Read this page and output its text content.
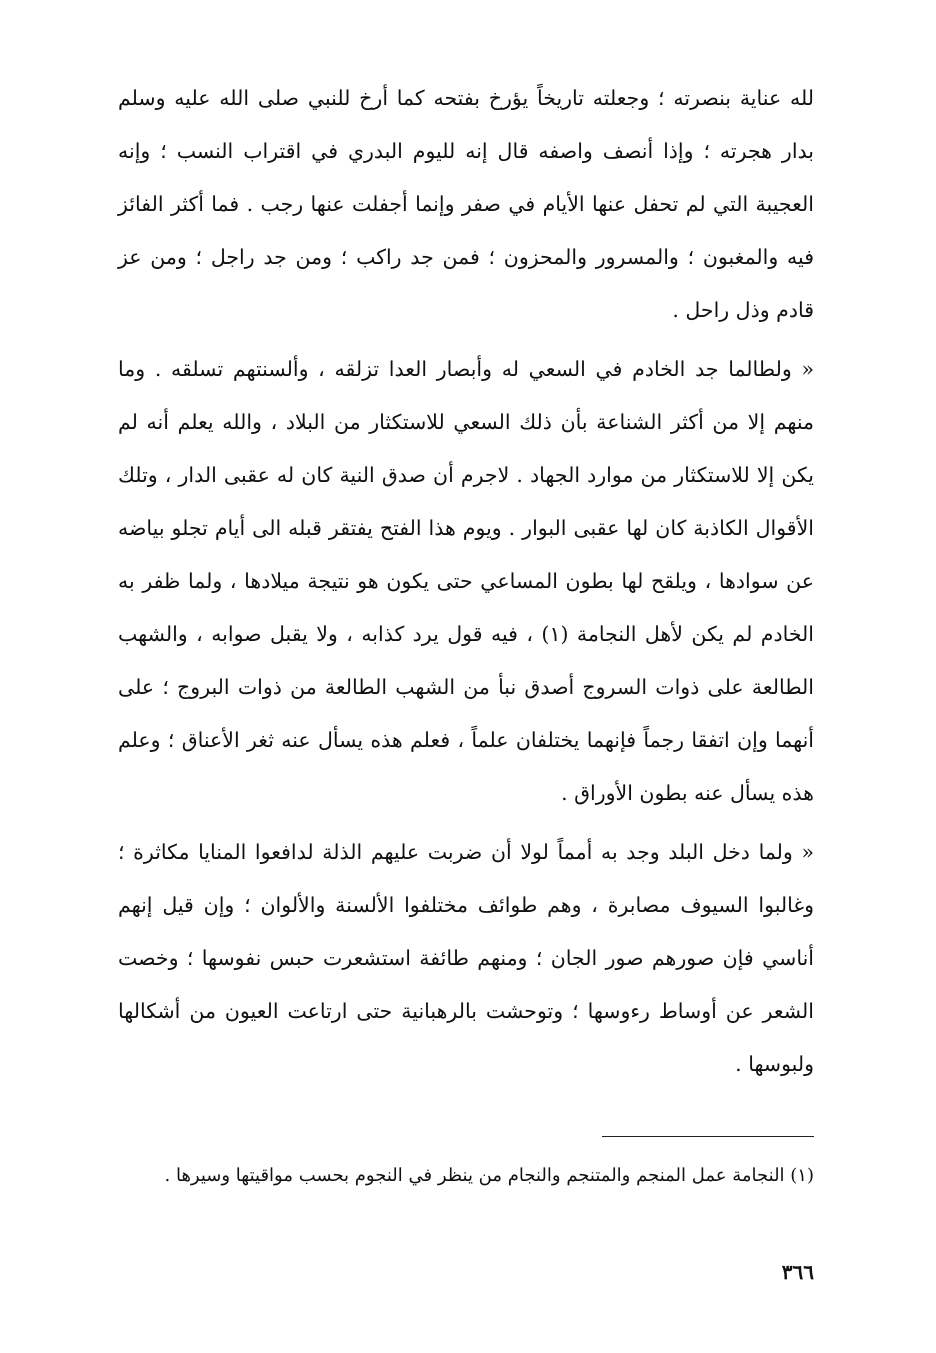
لله عناية بنصرته ؛ وجعلته تاريخاً يؤرخ بفتحه كما أرخ للنبي صلى الله عليه وسلم بدار هجرته ؛ وإذا أنصف واصفه قال إنه لليوم البدري في اقتراب النسب ؛ وإنه العجيبة التي لم تحفل عنها الأيام في صفر وإنما أجفلت عنها رجب . فما أكثر الفائز فيه والمغبون ؛ والمسرور والمحزون ؛ فمن جد راكب ؛ ومن جد راجل ؛ ومن عز قادم وذل راحل .

« ولطالما جد الخادم في السعي له وأبصار العدا تزلقه ، وألسنتهم تسلقه . وما منهم إلا من أكثر الشناعة بأن ذلك السعي للاستكثار من البلاد ، والله يعلم أنه لم يكن إلا للاستكثار من موارد الجهاد . لاجرم أن صدق النية كان له عقبى الدار ، وتلك الأقوال الكاذبة كان لها عقبى البوار . ويوم هذا الفتح يفتقر قبله الى أيام تجلو بياضه عن سوادها ، ويلقح لها بطون المساعي حتى يكون هو نتيجة ميلادها ، ولما ظفر به الخادم لم يكن لأهل النجامة (١) ، فيه قول يرد كذابه ، ولا يقبل صوابه ، والشهب الطالعة على ذوات السروج أصدق نبأ من الشهب الطالعة من ذوات البروج ؛ على أنهما وإن اتفقا رجماً فإنهما يختلفان علماً ، فعلم هذه يسأل عنه ثغر الأعناق ؛ وعلم هذه يسأل عنه بطون الأوراق .

« ولما دخل البلد وجد به أمماً لولا أن ضربت عليهم الذلة لدافعوا المنايا مكاثرة ؛ وغالبوا السيوف مصابرة ، وهم طوائف مختلفوا الألسنة والألوان ؛ وإن قيل إنهم أناسي فإن صورهم صور الجان ؛ ومنهم طائفة استشعرت حبس نفوسها ؛ وخصت الشعر عن أوساط رءوسها ؛ وتوحشت بالرهبانية حتى ارتاعت العيون من أشكالها ولبوسها .

(١) النجامة عمل المنجم والمتنجم والنجام من ينظر في النجوم بحسب مواقيتها وسيرها .

٣٦٦
